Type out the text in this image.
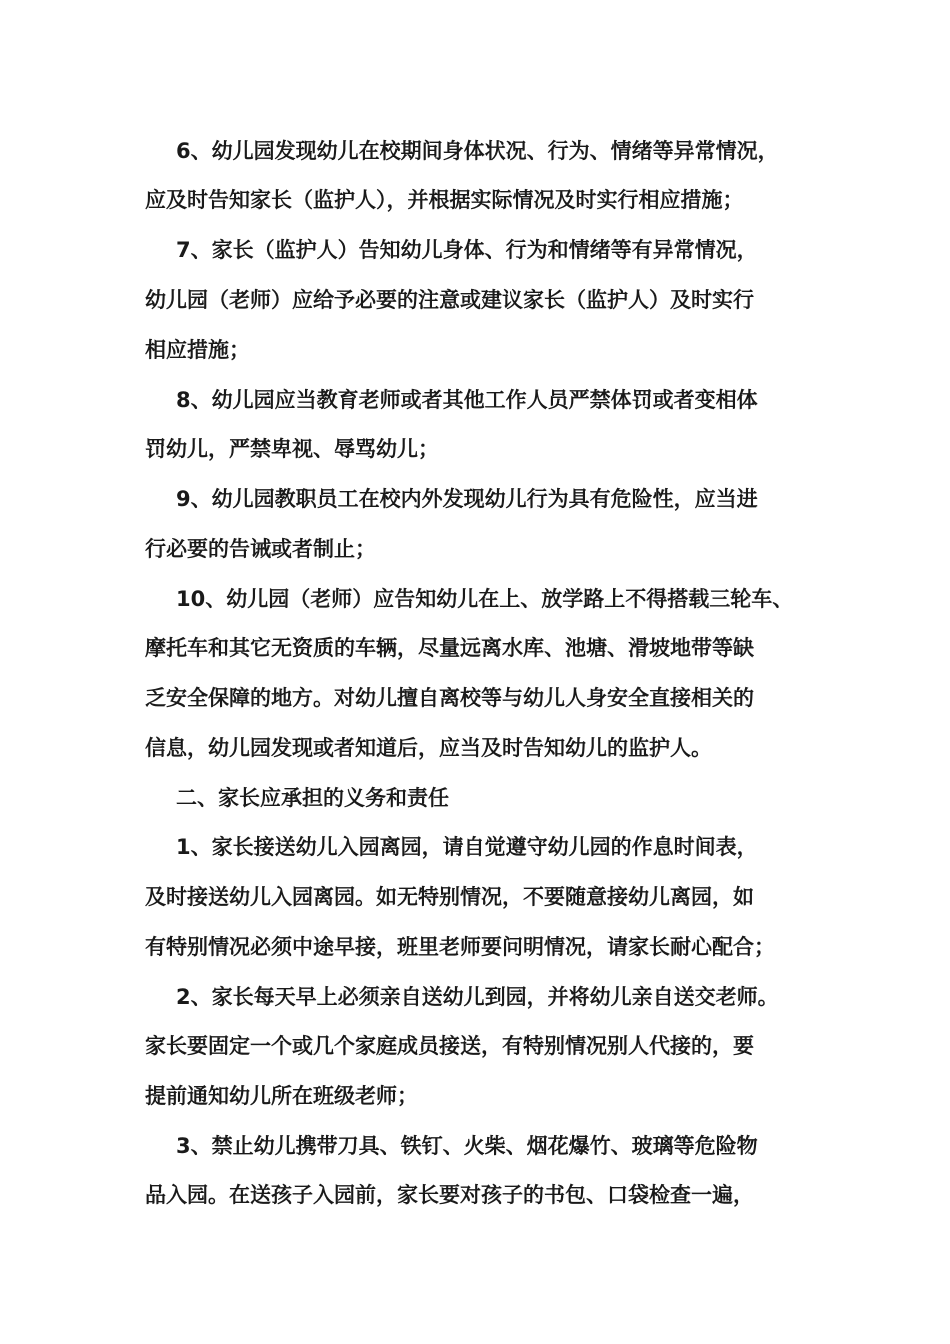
6、幼儿园发现幼儿在校期间身体状况、行为、情绪等异常情况，
应及时告知家长（监护人），并根据实际情况及时实行相应措施；
7、家长（监护人）告知幼儿身体、行为和情绪等有异常情况，
幼儿园（老师）应给予必要的注意或建议家长（监护人）及时实行
相应措施；
8、幼儿园应当教育老师或者其他工作人员严禁体罚或者变相体
罚幼儿，严禁卑视、辱骂幼儿；
9、幼儿园教职员工在校内外发现幼儿行为具有危险性，应当进
行必要的告诫或者制止；
10、幼儿园（老师）应告知幼儿在上、放学路上不得搭载三轮车、
摩托车和其它无资质的车辆，尽量远离水库、池塘、滑坡地带等缺
乏安全保障的地方。对幼儿擅自离校等与幼儿人身安全直接相关的
信息，幼儿园发现或者知道后，应当及时告知幼儿的监护人。
二、家长应承担的义务和责任
1、家长接送幼儿入园离园，请自觉遵守幼儿园的作息时间表，
及时接送幼儿入园离园。如无特别情况，不要随意接幼儿离园，如
有特别情况必须中途早接，班里老师要问明情况，请家长耐心配合；
2、家长每天早上必须亲自送幼儿到园，并将幼儿亲自送交老师。
家长要固定一个或几个家庭成员接送，有特别情况别人代接的，要
提前通知幼儿所在班级老师；
3、禁止幼儿携带刀具、铁钉、火柴、烟花爆竹、玻璃等危险物
品入园。在送孩子入园前，家长要对孩子的书包、口袋检查一遍，
